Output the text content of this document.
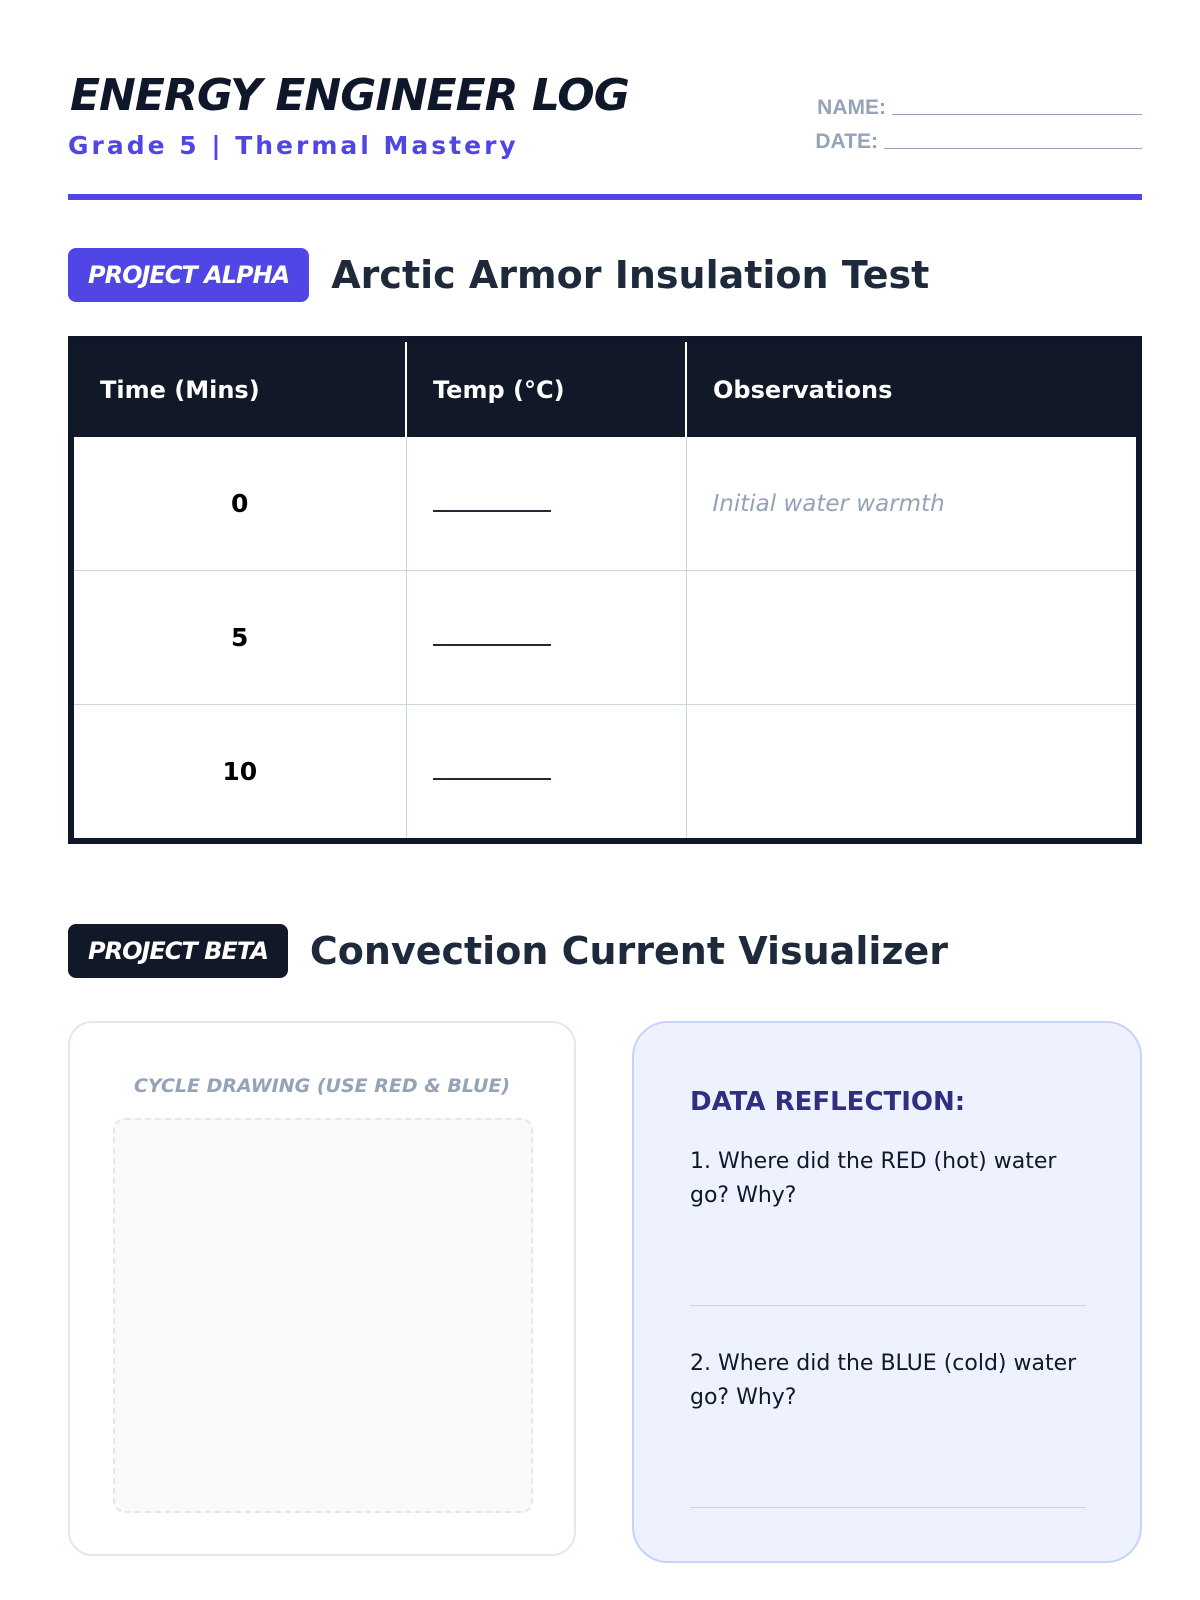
ENERGY ENGINEER LOG
Grade 5 | Thermal Mastery
NAME:
DATE:
PROJECT ALPHA	Arctic Armor Insulation Test
Time (Mins)	Temp (°C)	Observations
0		Initial water warmth
5		
10		
PROJECT BETA	Convection Current Visualizer
CYCLE DRAWING (USE RED & BLUE)
DATA REFLECTION:
1. Where did the RED (hot) water go? Why?
2. Where did the BLUE (cold) water go? Why?
